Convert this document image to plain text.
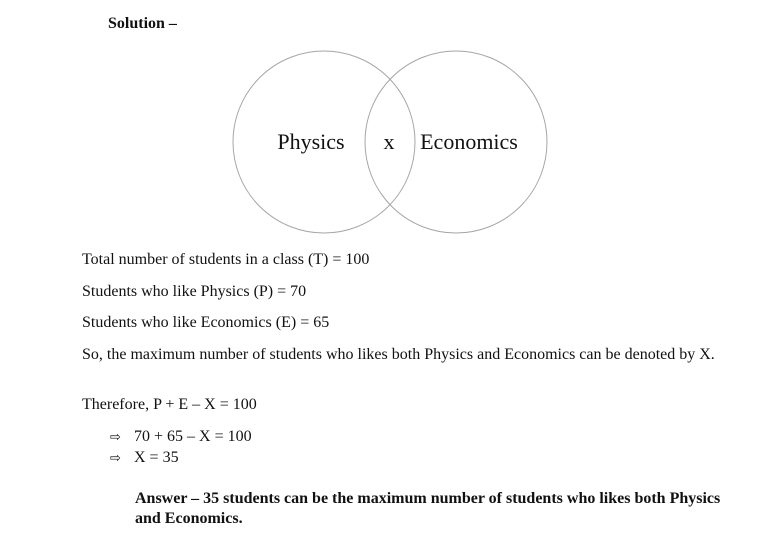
Solution –
Physics x Economics
Total number of students in a class (T) = 100
Students who like Physics (P) = 70
Students who like Economics (E) = 65
So, the maximum number of students who likes both Physics and Economics can be denoted by X.
Therefore, P + E – X = 100
⇨ 70 + 65 – X = 100
⇨ X = 35
Answer – 35 students can be the maximum number of students who likes both Physics and Economics.
